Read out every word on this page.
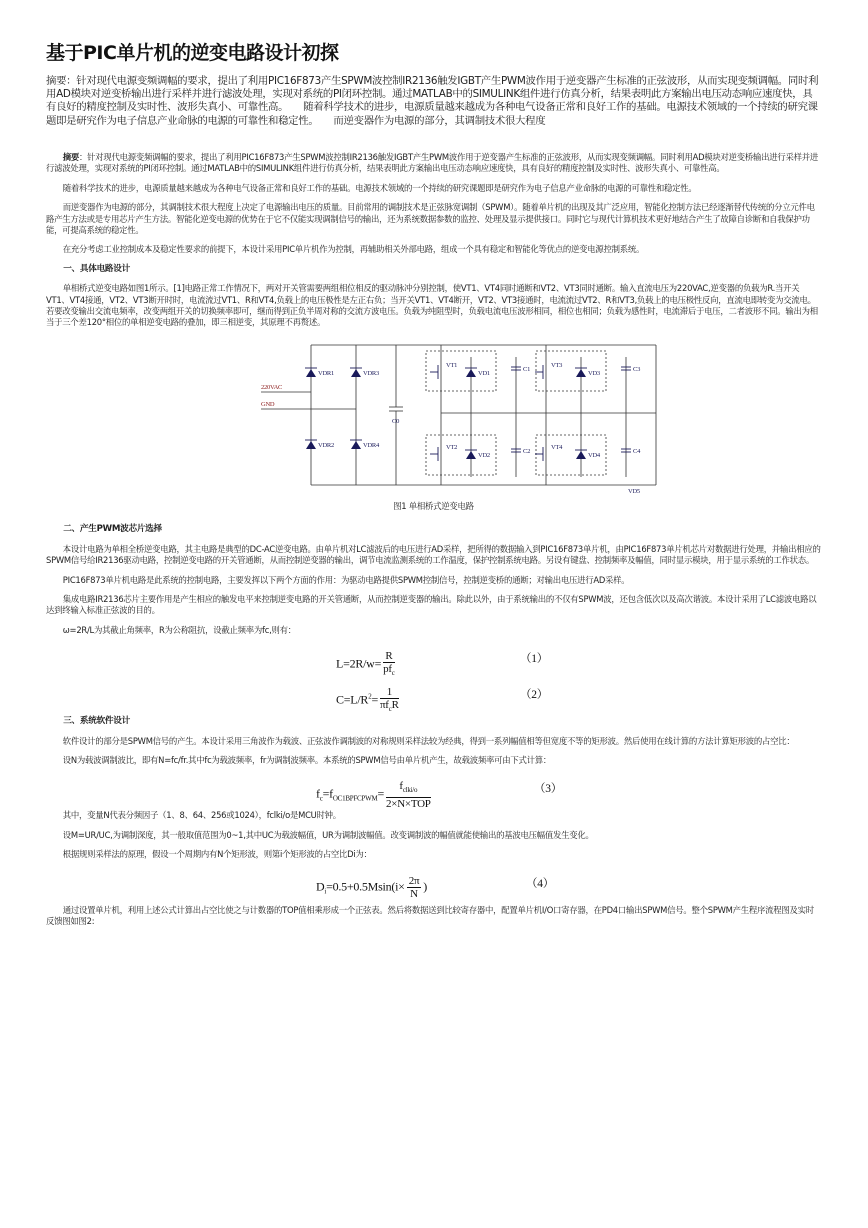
基于PIC单片机的逆变电路设计初探
摘要：针对现代电源变频调幅的要求，提出了利用PIC16F873产生SPWM波控制IR2136触发IGBT产生PWM波作用于逆变器产生标准的正弦波形，从而实现变频调幅。同时利用AD模块对逆变桥输出进行采样并进行滤波处理，实现对系统的PI闭环控制。通过MATLAB中的SIMULINK组件进行仿真分析，结果表明此方案输出电压动态响应速度快，具有良好的精度控制及实时性、波形失真小、可靠性高。　　随着科学技术的进步，电源质量越来越成为各种电气设备正常和良好工作的基础。电源技术领域的一个持续的研究课题即是研究作为电子信息产业命脉的电源的可靠性和稳定性。　　而逆变器作为电源的部分，其调制技术很大程度

摘要：针对现代电源变频调幅的要求，提出了利用PIC16F873产生SPWM波控制IR2136触发IGBT产生PWM波作用于逆变器产生标准的正弦波形，从而实现变频调幅。同时利用AD模块对逆变桥输出进行采样并进行滤波处理，实现对系统的PI闭环控制。通过MATLAB中的SIMULINK组件进行仿真分析，结果表明此方案输出电压动态响应速度快，具有良好的精度控制及实时性、波形失真小、可靠性高。

随着科学技术的进步，电源质量越来越成为各种电气设备正常和良好工作的基础。电源技术领域的一个持续的研究课题即是研究作为电子信息产业命脉的电源的可靠性和稳定性。

而逆变器作为电源的部分，其调制技术很大程度上决定了电源输出电压的质量。目前常用的调制技术是正弦脉宽调制（SPWM）。随着单片机的出现及其广泛应用，智能化控制方法已经逐渐替代传统的分立元件电路产生方法或是专用芯片产生方法。智能化逆变电源的优势在于它不仅能实现调制信号的输出，还为系统数据参数的监控、处理及显示提供接口。同时它与现代计算机技术更好地结合产生了故障自诊断和自我保护功能，可提高系统的稳定性。

在充分考虑工业控制成本及稳定性要求的前提下，本设计采用PIC单片机作为控制，再辅助相关外部电路，组成一个具有稳定和智能化等优点的逆变电源控制系统。

一、具体电路设计

单相桥式逆变电路如图1所示。[1]电路正常工作情况下，两对开关管需要两组相位相反的驱动脉冲分别控制，使VT1、VT4同时通断和VT2、VT3同时通断。输入直流电压为220VAC,逆变器的负载为R.当开关VT1、VT4接通，VT2、VT3断开时时，电流流过VT1、R和VT4,负载上的电压极性是左正右负；当开关VT1、VT4断开，VT2、VT3接通时，电流流过VT2、R和VT3,负载上的电压极性反向，直流电即转变为交流电。若要改变输出交流电频率，改变两组开关的切换频率即可，继而得到正负半周对称的交流方波电压。负载为纯阻型时，负载电流电压波形相同，相位也相同；负载为感性时，电流滞后于电压，二者波形不同。输出为相当于三个差120°相位的单相逆变电路的叠加，即三相逆变，其原理不再赘述。

220VAC
GND
VDR1	VDR3
VDR2	VDR4
C0
VT1
VT2
VT3
VT4
VD1
VD2
VD3
VD4
C1
C2
C3
C4
VD5
图1 单相桥式逆变电路
二、产生PWM波芯片选择

本设计电路为单相全桥逆变电路，其主电路是典型的DC-AC逆变电路。由单片机对LC滤波后的电压进行AD采样，把所得的数据输入到PIC16F873单片机，由PIC16F873单片机芯片对数据进行处理，并输出相应的SPWM信号给IR2136驱动电路，控制逆变电路的开关管通断，从而控制逆变器的输出，调节电流监测系统的工作温度，保护控制系统电路。另设有键盘、控制频率及幅值，同时显示模块，用于显示系统的工作状态。

PIC16F873单片机电路是此系统的控制电路，主要发挥以下两个方面的作用：为驱动电路提供SPWM控制信号，控制逆变桥的通断；对输出电压进行AD采样。

集成电路IR2136芯片主要作用是产生相应的触发电平来控制逆变电路的开关管通断，从而控制逆变器的输出。除此以外，由于系统输出的不仅有SPWM波，还包含低次以及高次谐波。本设计采用了LC滤波电路以达到终输入标准正弦波的目的。

ω=2R/L为其截止角频率，R为公称阻抗，设截止频率为fc,则有：

$L=2R/w= \frac{R}{pf_c}$	（1）
$C=L/R^2= \frac{1}{\pi f_cR}$	（2）
三、系统软件设计

软件设计的部分是SPWM信号的产生。本设计采用三角波作为载波、正弦波作调制波的对称规则采样法较为经典，得到一系列幅值相等但宽度不等的矩形波。然后使用在线计算的方法计算矩形波的占空比：

设N为载波调制波比，即有N=fc/fr.其中fc为载波频率，fr为调制波频率。本系统的SPWM信号由单片机产生，故载波频率可由下式计算：

$f_c=f_{OC1BPFCPWM}= \frac{f_{clki/o}}{\text{2×N×TOP}}$	（3）

其中，变量N代表分频因子（1、8、64、256或1024），fclki/o是MCU时钟。

设M=UR/UC,为调制深度，其一般取值范围为0~1,其中UC为载波幅值，UR为调制波幅值。改变调制波的幅值就能使输出的基波电压幅值发生变化。

根据规则采样法的原理，假设一个周期内有N个矩形波，则第i个矩形波的占空比Di为：

$D_i=0.5+0.5Msin(i\times \frac{2\pi}{N}$ )	（4）

通过设置单片机，利用上述公式计算出占空比使之与计数器的TOP值相乘形成一个正弦表。然后将数据送到比较寄存器中，配置单片机I/O口寄存器，在PD4口输出SPWM信号。整个SPWM产生程序流程图及实时反馈图如图2:
